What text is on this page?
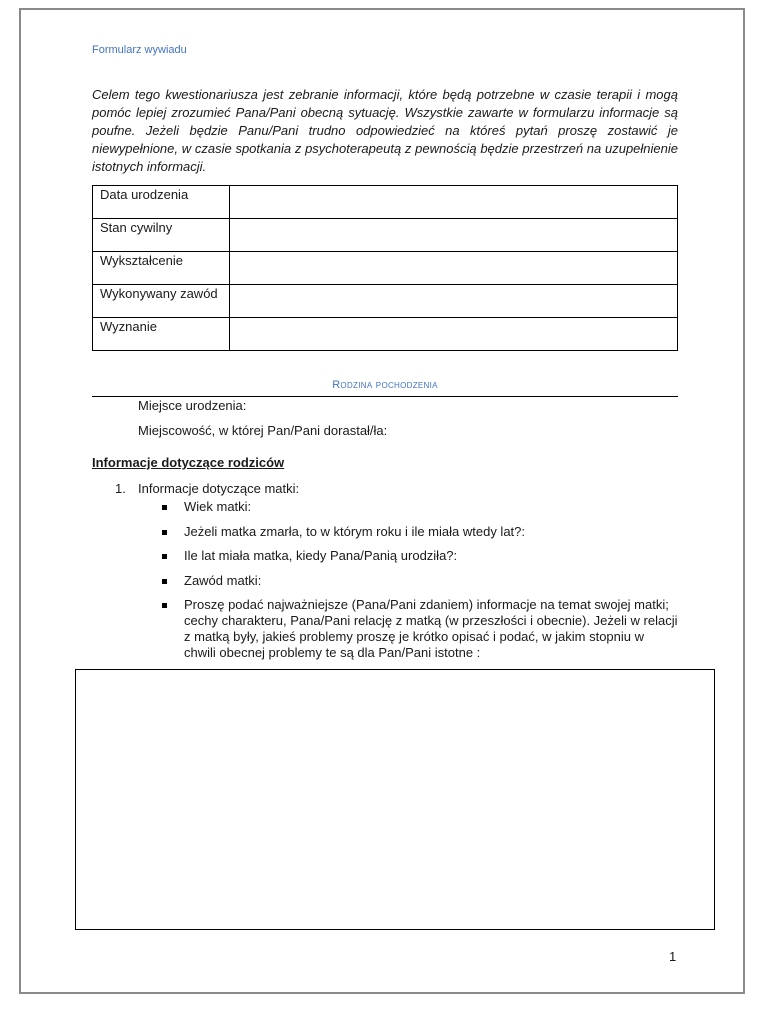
Formularz wywiadu
Celem tego kwestionariusza jest zebranie informacji, które będą potrzebne w czasie terapii i mogą pomóc lepiej zrozumieć Pana/Pani obecną sytuację. Wszystkie zawarte w formularzu informacje są poufne. Jeżeli będzie Panu/Pani trudno odpowiedzieć na któreś pytań proszę zostawić je niewypełnione, w czasie spotkania z psychoterapeutą z pewnością będzie przestrzeń na uzupełnienie istotnych informacji.
Data urodzenia	
Stan cywilny	
Wykształcenie	
Wykonywany zawód	
Wyznanie	
Rodzina pochodzenia
Miejsce urodzenia:
Miejscowość, w której Pan/Pani dorastał/ła:
Informacje dotyczące rodziców
1. Informacje dotyczące matki:
Wiek matki:
Jeżeli matka zmarła, to w którym roku i ile miała wtedy lat?:
Ile lat miała matka, kiedy Pana/Panią urodziła?:
Zawód matki:
Proszę podać najważniejsze (Pana/Pani zdaniem) informacje na temat swojej matki;
cechy charakteru, Pana/Pani relację z matką (w przeszłości i obecnie). Jeżeli w relacji
z matką były, jakieś problemy proszę je krótko opisać i podać, w jakim stopniu w
chwili obecnej problemy te są dla Pan/Pani istotne :
1
